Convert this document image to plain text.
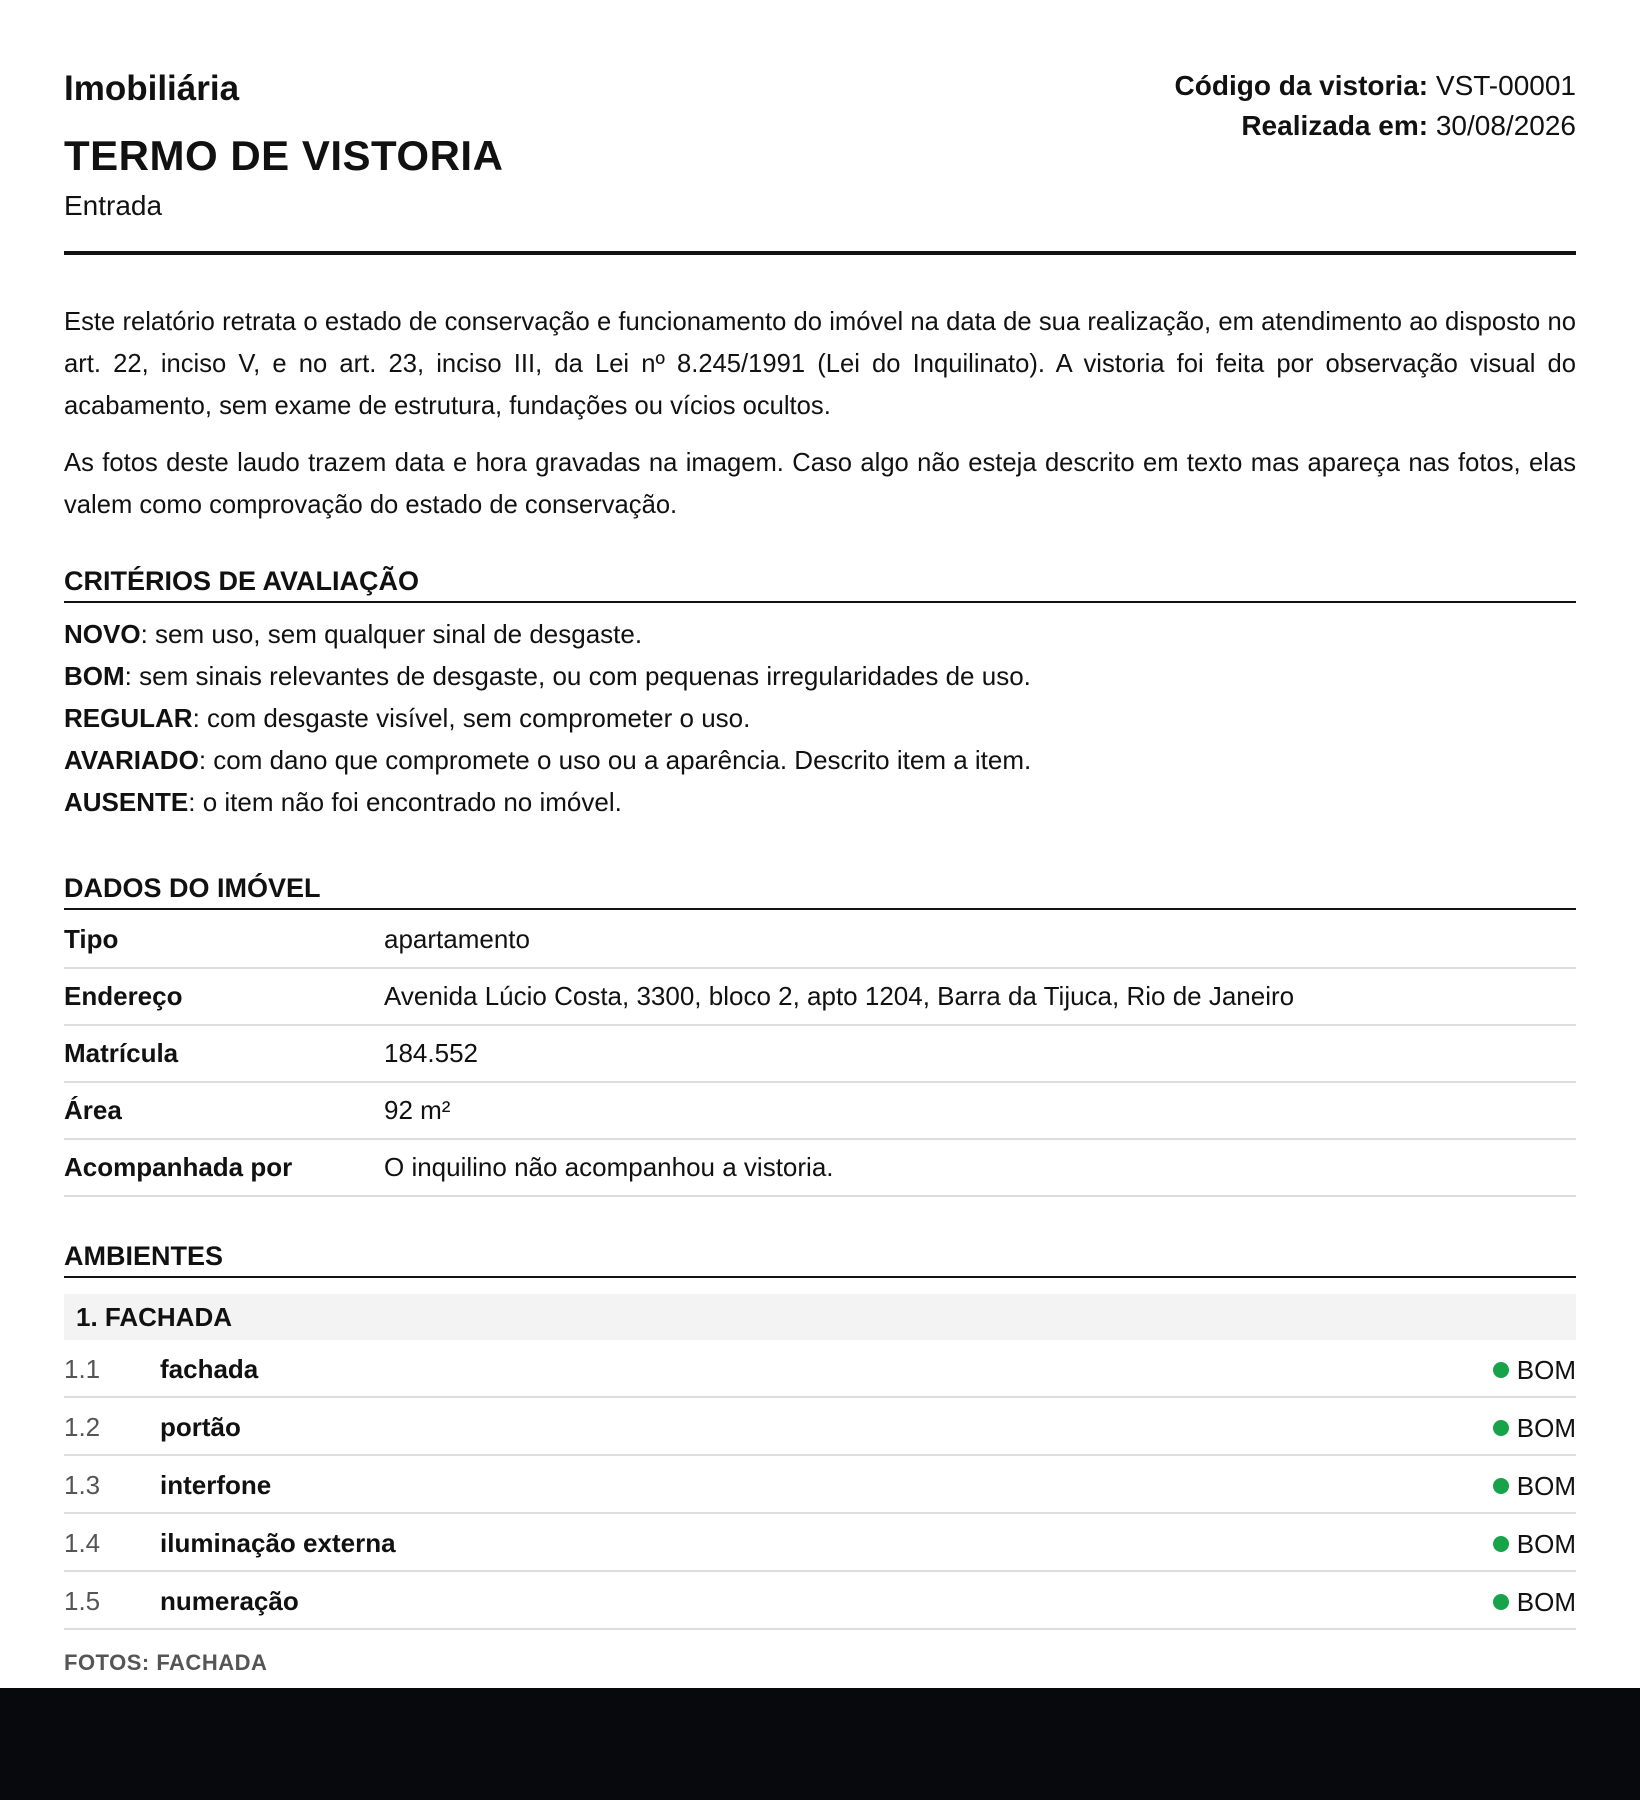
Imobiliária
TERMO DE VISTORIA
Entrada
Código da vistoria: VST-00001
Realizada em: 30/08/2026

Este relatório retrata o estado de conservação e funcionamento do imóvel na data de sua realização, em atendimento ao disposto no art. 22, inciso V, e no art. 23, inciso III, da Lei nº 8.245/1991 (Lei do Inquilinato). A vistoria foi feita por observação visual do acabamento, sem exame de estrutura, fundações ou vícios ocultos.

As fotos deste laudo trazem data e hora gravadas na imagem. Caso algo não esteja descrito em texto mas apareça nas fotos, elas valem como comprovação do estado de conservação.

CRITÉRIOS DE AVALIAÇÃO
NOVO: sem uso, sem qualquer sinal de desgaste.
BOM: sem sinais relevantes de desgaste, ou com pequenas irregularidades de uso.
REGULAR: com desgaste visível, sem comprometer o uso.
AVARIADO: com dano que compromete o uso ou a aparência. Descrito item a item.
AUSENTE: o item não foi encontrado no imóvel.
DADOS DO IMÓVEL
Tipo	apartamento
Endereço	Avenida Lúcio Costa, 3300, bloco 2, apto 1204, Barra da Tijuca, Rio de Janeiro
Matrícula	184.552
Área	92 m²
Acompanhada por	O inquilino não acompanhou a vistoria.
AMBIENTES
1. FACHADA
1.1 fachada	BOM
1.2 portão	BOM
1.3 interfone	BOM
1.4 iluminação externa	BOM
1.5 numeração	BOM
FOTOS: FACHADA
